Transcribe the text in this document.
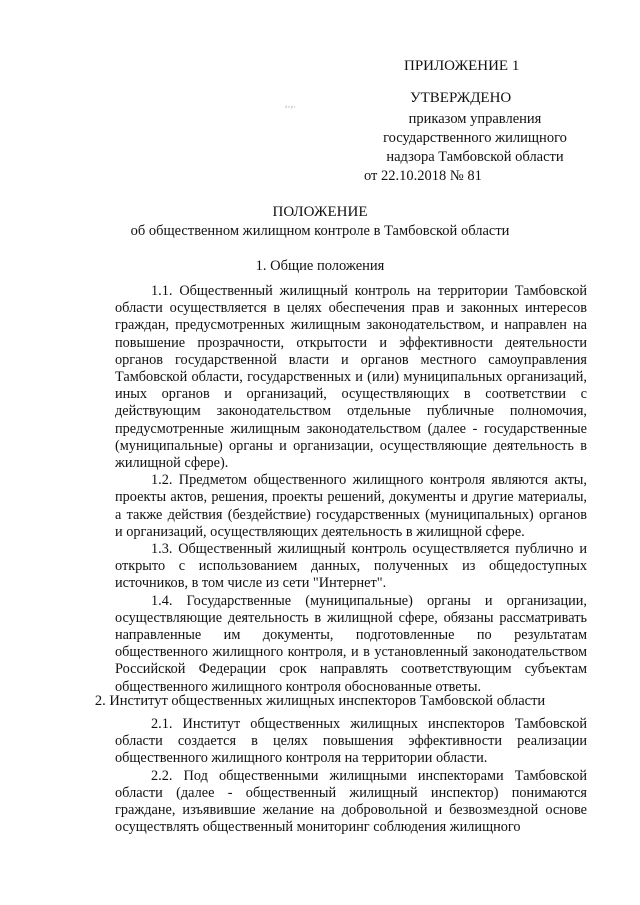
ПРИЛОЖЕНИЕ 1
УТВЕРЖДЕНО
ᵈᵉᵖᵗ
приказом управления
государственного жилищного
надзора Тамбовской области
от 22.10.2018 № 81
ПОЛОЖЕНИЕ
об общественном жилищном контроле в Тамбовской области
1. Общие положения

1.1. Общественный жилищный контроль на территории Тамбовской области осуществляется в целях обеспечения прав и законных интересов граждан, предусмотренных жилищным законодательством, и направлен на повышение прозрачности, открытости и эффективности деятельности органов государственной власти и органов местного самоуправления Тамбовской области, государственных и (или) муниципальных организаций, иных органов и организаций, осуществляющих в соответствии с действующим законодательством отдельные публичные полномочия, предусмотренные жилищным законодательством (далее - государственные (муниципальные) органы и организации, осуществляющие деятельность в жилищной сфере).

1.2. Предметом общественного жилищного контроля являются акты, проекты актов, решения, проекты решений, документы и другие материалы, а также действия (бездействие) государственных (муниципальных) органов и организаций, осуществляющих деятельность в жилищной сфере.

1.3. Общественный жилищный контроль осуществляется публично и открыто с использованием данных, полученных из общедоступных источников, в том числе из сети "Интернет".

1.4. Государственные (муниципальные) органы и организации, осуществляющие деятельность в жилищной сфере, обязаны рассматривать направленные им документы, подготовленные по результатам общественного жилищного контроля, и в установленный законодательством Российской Федерации срок направлять соответствующим субъектам общественного жилищного контроля обоснованные ответы.

2. Институт общественных жилищных инспекторов Тамбовской области

2.1. Институт общественных жилищных инспекторов Тамбовской области создается в целях повышения эффективности реализации общественного жилищного контроля на территории области.

2.2. Под общественными жилищными инспекторами Тамбовской области (далее - общественный жилищный инспектор) понимаются граждане, изъявившие желание на добровольной и безвозмездной основе осуществлять общественный мониторинг соблюдения жилищного
